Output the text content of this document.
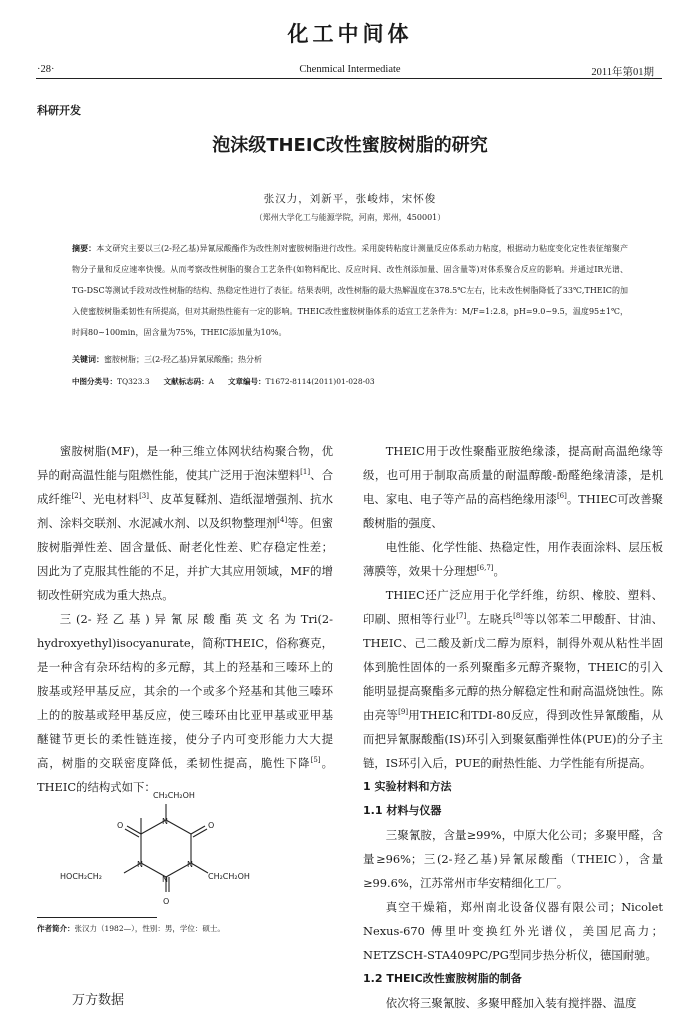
化工中间体
·28·	Chenmical Intermediate	2011年第01期
科研开发
泡沫级THEIC改性蜜胺树脂的研究
张汉力，刘新平，张峻炜，宋怀俊
（郑州大学化工与能源学院，河南，郑州，450001）
摘要：本文研究主要以三(2-羟乙基)异氰尿酸酯作为改性剂对蜜胺树脂进行改性。采用旋转粘度计测量反应体系动力粘度，根据动力粘度变化定性表征缩聚产物分子量和反应速率快慢。从而考察改性树脂的聚合工艺条件(如物料配比、反应时间、改性剂添加量、固含量等)对体系聚合反应的影响。并通过IR光谱、TG-DSC等测试手段对改性树脂的结构、热稳定性进行了表征。结果表明，改性树脂的最大热解温度在378.5℃左右，比未改性树脂降低了33℃,THEIC的加入使蜜胺树脂柔韧性有所提高，但对其耐热性能有一定的影响。THEIC改性蜜胺树脂体系的适宜工艺条件为：M/F=1:2.8，pH=9.0~9.5，温度95±1℃，时间80~100min，固含量为75%，THEIC添加量为10%。
关键词：蜜胺树脂；三(2-羟乙基)异氰尿酸酯；热分析
中图分类号：TQ323.3 文献标志码：A 文章编号：T1672-8114(2011)01-028-03

蜜胺树脂(MF)，是一种三维立体网状结构聚合物，优异的耐高温性能与阻燃性能，使其广泛用于泡沫塑料[1]、合成纤维[2]、光电材料[3]、皮革复鞣剂、造纸湿增强剂、抗水剂、涂料交联剂、水泥减水剂、以及织物整理剂[4]等。但蜜胺树脂弹性差、固含量低、耐老化性差、贮存稳定性差；因此为了克服其性能的不足，并扩大其应用领域，MF的增韧改性研究成为重大热点。

三(2-羟乙基)异氰尿酸酯英文名为Tri(2-hydroxyethyl)isocyanurate，简称THEIC，俗称赛克，是一种含有杂环结构的多元醇，其上的羟基和三嗪环上的胺基或羟甲基反应，其余的一个或多个羟基和其他三嗪环上的的胺基或羟甲基反应，使三嗪环由比亚甲基或亚甲基醚键节更长的柔性链连接，使分子内可变形能力大大提高，树脂的交联密度降低，柔韧性提高，脆性下降[5]。THEIC的结构式如下：

CH₂CH₂OH
N
N
N	N
O	O
O
HOCH₂CH₂	CH₂CH₂OH
作者简介：张汉力（1982—），性别：男，学位：硕士。

THEIC用于改性聚酯亚胺绝缘漆，提高耐高温绝缘等级，也可用于制取高质量的耐温醇酸-酚醛绝缘清漆，是机电、家电、电子等产品的高档绝缘用漆[6]。THIEC可改善聚酸树脂的强度、

电性能、化学性能、热稳定性，用作表面涂料、层压板薄膜等，效果十分理想[6,7]。

THIEC还广泛应用于化学纤维，纺织、橡胶、塑料、印刷、照相等行业[7]。左晓兵[8]等以邻苯二甲酸酐、甘油、THEIC、己二酸及新戊二醇为原料，制得外观从粘性半固体到脆性固体的一系列聚酯多元醇齐聚物，THEIC的引入能明显提高聚酯多元醇的热分解稳定性和耐高温烧蚀性。陈由亮等[9]用THEIC和TDI-80反应，得到改性异氰酸酯，从而把异氰脲酸酯(IS)环引入到聚氨酯弹性体(PUE)的分子主链，IS环引入后，PUE的耐热性能、力学性能有所提高。

1 实验材料和方法

1.1 材料与仪器

三聚氰胺，含量≥99%，中原大化公司；多聚甲醛，含量≥96%；三(2-羟乙基)异氰尿酸酯（THEIC），含量≥99.6%，江苏常州市华安精细化工厂。

真空干燥箱，郑州南北设备仪器有限公司；Nicolet Nexus-670 傅里叶变换红外光谱仪，美国尼高力；NETZSCH-STA409PC/PG型同步热分析仪，德国耐驰。

1.2 THEIC改性蜜胺树脂的制备

依次将三聚氰胺、多聚甲醛加入装有搅拌器、温度

万方数据
